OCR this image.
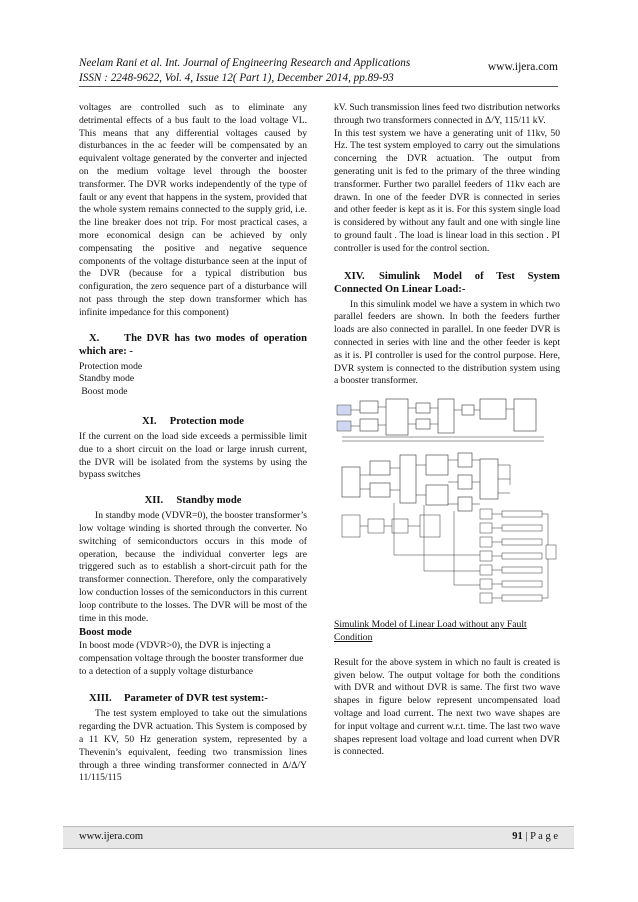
Neelam Rani et al. Int. Journal of Engineering Research and Applications
ISSN : 2248-9622, Vol. 4, Issue 12( Part 1), December 2014, pp.89-93
www.ijera.com

voltages are controlled such as to eliminate any detrimental effects of a bus fault to the load voltage VL. This means that any differential voltages caused by disturbances in the ac feeder will be compensated by an equivalent voltage generated by the converter and injected on the medium voltage level through the booster transformer. The DVR works independently of the type of fault or any event that happens in the system, provided that the whole system remains connected to the supply grid, i.e. the line breaker does not trip. For most practical cases, a more economical design can be achieved by only compensating the positive and negative sequence components of the voltage disturbance seen at the input of the DVR (because for a typical distribution bus configuration, the zero sequence part of a disturbance will not pass through the step down transformer which has infinite impedance for this component)

X. The DVR has two modes of operation which are: -
Protection mode
Standby mode
Boost mode
XI. Protection mode

If the current on the load side exceeds a permissible limit due to a short circuit on the load or large inrush current, the DVR will be isolated from the systems by using the bypass switches

XII. Standby mode

In standby mode (VDVR=0), the booster transformer’s low voltage winding is shorted through the converter. No switching of semiconductors occurs in this mode of operation, because the individual converter legs are triggered such as to establish a short-circuit path for the transformer connection. Therefore, only the comparatively low conduction losses of the semiconductors in this current loop contribute to the losses. The DVR will be most of the time in this mode.

Boost mode

In boost mode (VDVR>0), the DVR is injecting a compensation voltage through the booster transformer due to a detection of a supply voltage disturbance

XIII. Parameter of DVR test system:-

The test system employed to take out the simulations regarding the DVR actuation. This System is composed by a 11 KV, 50 Hz generation system, represented by a Thevenin’s equivalent, feeding two transmission lines through a three winding transformer connected in Δ/Δ/Y 11/115/115

kV. Such transmission lines feed two distribution networks through two transformers connected in Δ/Y, 115/11 kV.

In this test system we have a generating unit of 11kv, 50 Hz. The test system employed to carry out the simulations concerning the DVR actuation. The output from generating unit is fed to the primary of the three winding transformer. Further two parallel feeders of 11kv each are drawn. In one of the feeder DVR is connected in series and other feeder is kept as it is. For this system single load is considered by without any fault and one with single line to ground fault . The load is linear load in this section . PI controller is used for the control section.

XIV. Simulink Model of Test System Connected On Linear Load:-

In this simulink model we have a system in which two parallel feeders are shown. In both the feeders further loads are also connected in parallel. In one feeder DVR is connected in series with line and the other feeder is kept as it is. PI controller is used for the control purpose. Here, DVR system is connected to the distribution system using a booster transformer.

Simulink Model of Linear Load without any Fault Condition

Result for the above system in which no fault is created is given below. The output voltage for both the conditions with DVR and without DVR is same. The first two wave shapes in figure below represent uncompensated load voltage and load current. The next two wave shapes are for input voltage and current w.r.t. time. The last two wave shapes represent load voltage and load current when DVR is connected.

www.ijera.com	91 | P a g e
